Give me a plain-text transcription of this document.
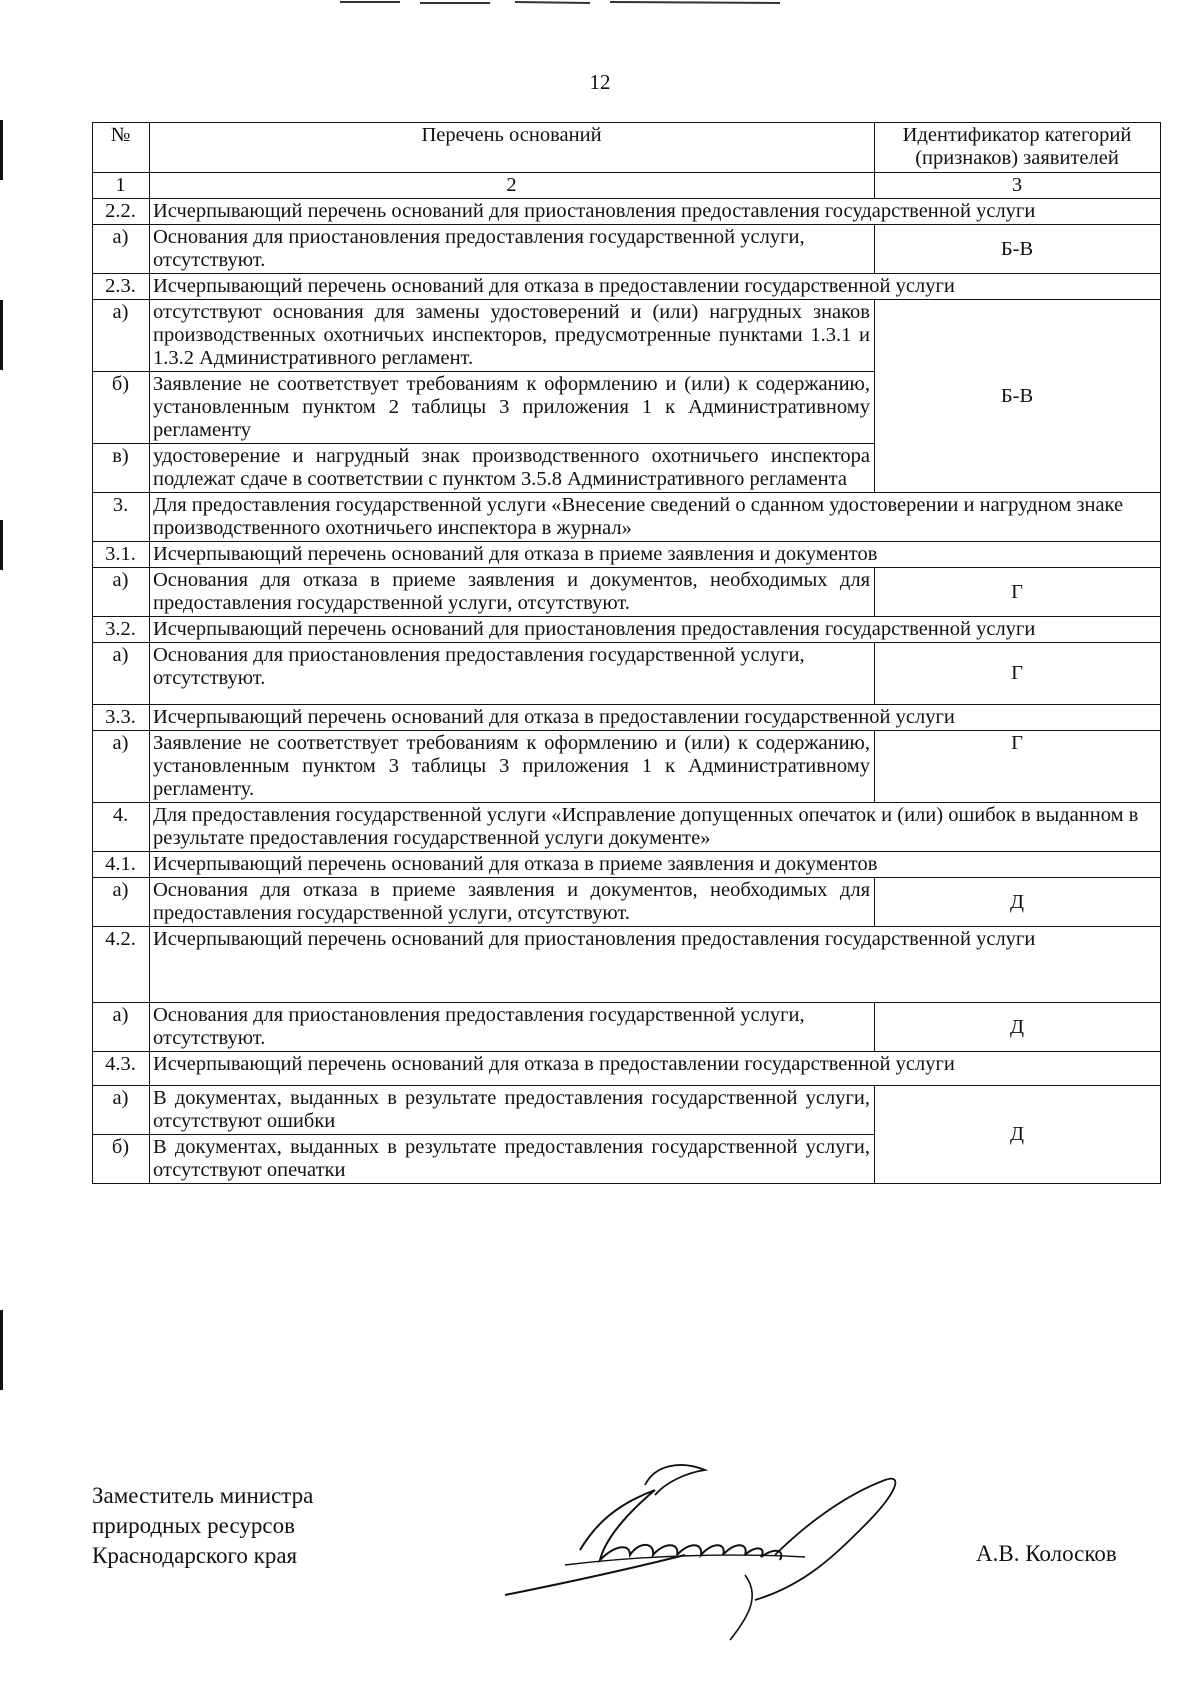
12
№	Перечень оснований	Идентификатор категорий (признаков) заявителей
1	2	3
2.2.	Исчерпывающий перечень оснований для приостановления предоставления государственной услуги	
а)	Основания для приостановления предоставления государственной услуги, отсутствуют.	Б-В
2.3.	Исчерпывающий перечень оснований для отказа в предоставлении государственной услуги	
а)	отсутствуют основания для замены удостоверений и (или) нагрудных знаков производственных охотничьих инспекторов, предусмотренные пунктами 1.3.1 и 1.3.2 Административного регламент.	Б-В
б)	Заявление не соответствует требованиям к оформлению и (или) к содержанию, установленным пунктом 2 таблицы 3 приложения 1 к Административному регламенту	
в)	удостоверение и нагрудный знак производственного охотничьего инспектора подлежат сдаче в соответствии с пунктом 3.5.8 Административного регламента	
3.	Для предоставления государственной услуги «Внесение сведений о сданном удостоверении и нагрудном знаке производственного охотничьего инспектора в журнал»	
3.1.	Исчерпывающий перечень оснований для отказа в приеме заявления и документов	
а)	Основания для отказа в приеме заявления и документов, необходимых для предоставления государственной услуги, отсутствуют.	Г
3.2.	Исчерпывающий перечень оснований для приостановления предоставления государственной услуги	
а)	Основания для приостановления предоставления государственной услуги, отсутствуют.	Г
3.3.	Исчерпывающий перечень оснований для отказа в предоставлении государственной услуги	
а)	Заявление не соответствует требованиям к оформлению и (или) к содержанию, установленным пунктом 3 таблицы 3 приложения 1 к Административному регламенту.	Г
4.	Для предоставления государственной услуги «Исправление допущенных опечаток и (или) ошибок в выданном в результате предоставления государственной услуги документе»	
4.1.	Исчерпывающий перечень оснований для отказа в приеме заявления и документов	
а)	Основания для отказа в приеме заявления и документов, необходимых для предоставления государственной услуги, отсутствуют.	Д
4.2.	Исчерпывающий перечень оснований для приостановления предоставления государственной услуги	
а)	Основания для приостановления предоставления государственной услуги, отсутствуют.	Д
4.3.	Исчерпывающий перечень оснований для отказа в предоставлении государственной услуги	
а)	В документах, выданных в результате предоставления государственной услуги, отсутствуют ошибки	Д
б)	В документах, выданных в результате предоставления государственной услуги, отсутствуют опечатки	
Заместитель министра
природных ресурсов
Краснодарского края	А.В. Колосков
